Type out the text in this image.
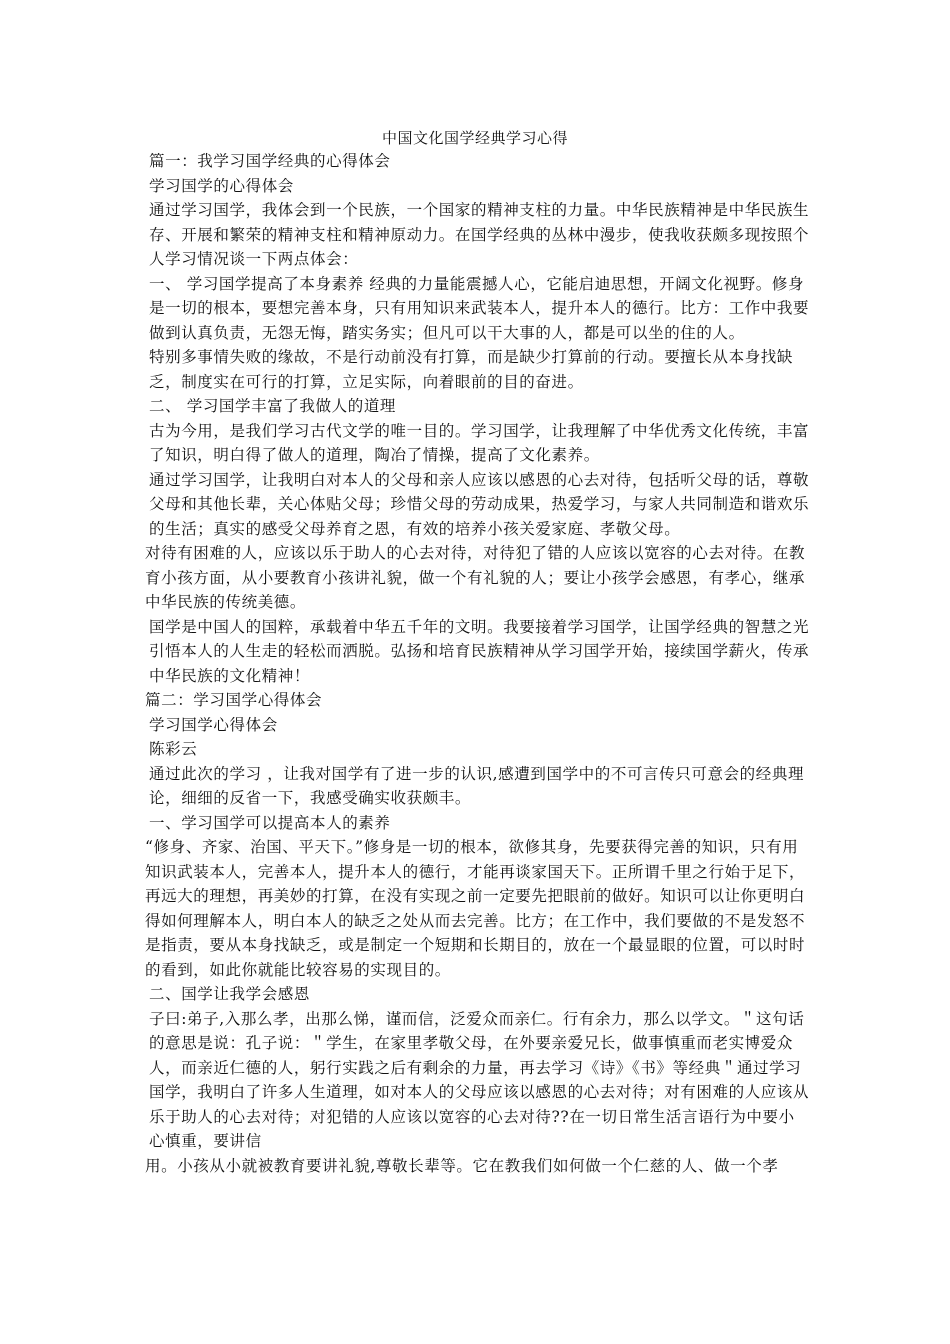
中国文化国学经典学习心得

篇一：我学习国学经典的心得体会

学习国学的心得体会

通过学习国学，我体会到一个民族，一个国家的精神支柱的力量。中华民族精神是中华民族生存、开展和繁荣的精神支柱和精神原动力。在国学经典的丛林中漫步，使我收获颇多现按照个人学习情况谈一下两点体会：

一、 学习国学提高了本身素养 经典的力量能震撼人心，它能启迪思想，开阔文化视野。修身是一切的根本，要想完善本身，只有用知识来武装本人，提升本人的德行。比方：工作中我要做到认真负责，无怨无悔，踏实务实；但凡可以干大事的人，都是可以坐的住的人。

特别多事情失败的缘故，不是行动前没有打算，而是缺少打算前的行动。要擅长从本身找缺乏，制度实在可行的打算，立足实际，向着眼前的目的奋进。

二、 学习国学丰富了我做人的道理

古为今用，是我们学习古代文学的唯一目的。学习国学，让我理解了中华优秀文化传统，丰富了知识，明白得了做人的道理，陶冶了情操，提高了文化素养。

通过学习国学，让我明白对本人的父母和亲人应该以感恩的心去对待，包括听父母的话，尊敬父母和其他长辈，关心体贴父母；珍惜父母的劳动成果，热爱学习，与家人共同制造和谐欢乐的生活；真实的感受父母养育之恩，有效的培养小孩关爱家庭、孝敬父母。

对待有困难的人，应该以乐于助人的心去对待，对待犯了错的人应该以宽容的心去对待。在教育小孩方面，从小要教育小孩讲礼貌，做一个有礼貌的人；要让小孩学会感恩，有孝心，继承中华民族的传统美德。

国学是中国人的国粹，承载着中华五千年的文明。我要接着学习国学，让国学经典的智慧之光引悟本人的人生走的轻松而洒脱。弘扬和培育民族精神从学习国学开始，接续国学薪火，传承中华民族的文化精神！

篇二：学习国学心得体会

学习国学心得体会

陈彩云

通过此次的学习 ，让我对国学有了进一步的认识,感遭到国学中的不可言传只可意会的经典理论，细细的反省一下，我感受确实收获颇丰。

一、学习国学可以提高本人的素养

“修身、齐家、治国、平天下。”修身是一切的根本，欲修其身，先要获得完善的知识，只有用知识武装本人，完善本人，提升本人的德行，才能再谈家国天下。正所谓千里之行始于足下，再远大的理想，再美妙的打算，在没有实现之前一定要先把眼前的做好。知识可以让你更明白得如何理解本人，明白本人的缺乏之处从而去完善。比方；在工作中，我们要做的不是发怒不是指责，要从本身找缺乏，或是制定一个短期和长期目的，放在一个最显眼的位置，可以时时的看到，如此你就能比较容易的实现目的。

二、国学让我学会感恩

子曰:弟子,入那么孝，出那么悌，谨而信，泛爱众而亲仁。行有余力，那么以学文。＂这句话的意思是说：孔子说：＂学生，在家里孝敬父母，在外要亲爱兄长，做事慎重而老实博爱众人，而亲近仁德的人，躬行实践之后有剩余的力量，再去学习《诗》《书》等经典＂通过学习国学，我明白了许多人生道理，如对本人的父母应该以感恩的心去对待；对有困难的人应该从乐于助人的心去对待；对犯错的人应该以宽容的心去对待??在一切日常生活言语行为中要小心慎重，要讲信

用。小孩从小就被教育要讲礼貌,尊敬长辈等。它在教我们如何做一个仁慈的人、做一个孝
